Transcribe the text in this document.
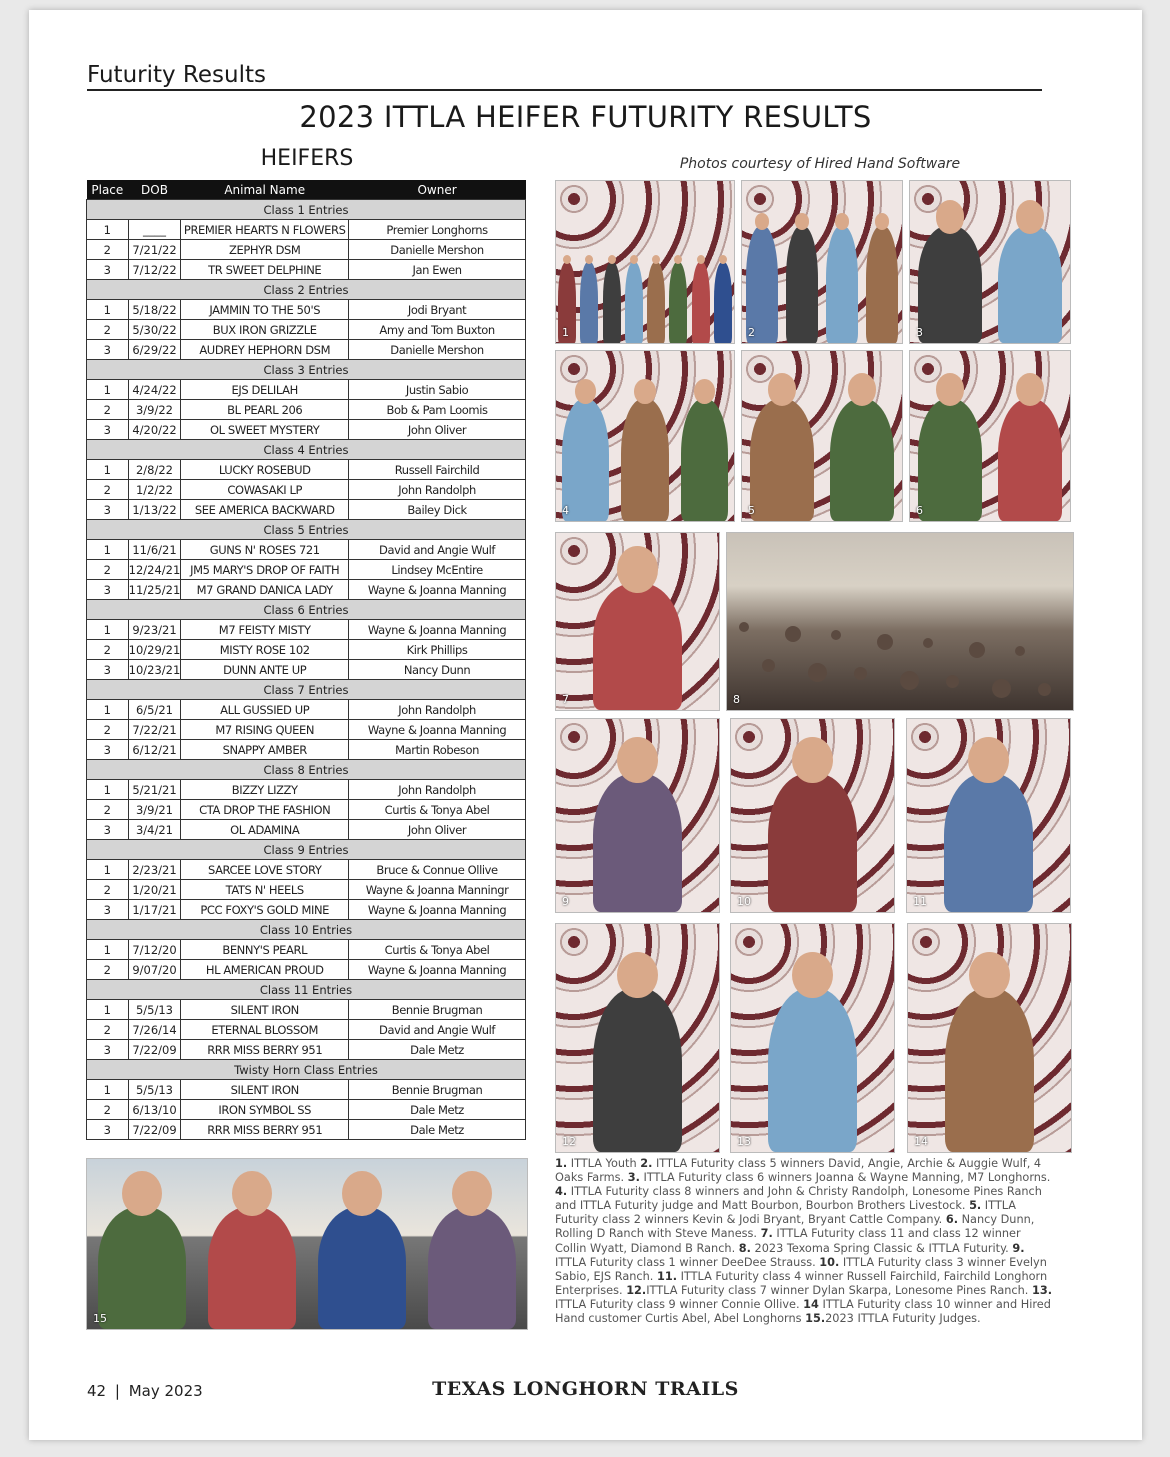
Futurity Results
2023 ITTLA HEIFER FUTURITY RESULTS
HEIFERS	Photos courtesy of Hired Hand Software
Place	DOB	Animal Name	Owner
Class 1 Entries			
1	____	PREMIER HEARTS N FLOWERS	Premier Longhorns
2	7/21/22	ZEPHYR DSM	Danielle Mershon
3	7/12/22	TR SWEET DELPHINE	Jan Ewen
Class 2 Entries			
1	5/18/22	JAMMIN TO THE 50'S	Jodi Bryant
2	5/30/22	BUX IRON GRIZZLE	Amy and Tom Buxton
3	6/29/22	AUDREY HEPHORN DSM	Danielle Mershon
Class 3 Entries			
1	4/24/22	EJS DELILAH	Justin Sabio
2	3/9/22	BL PEARL 206	Bob & Pam Loomis
3	4/20/22	OL SWEET MYSTERY	John Oliver
Class 4 Entries			
1	2/8/22	LUCKY ROSEBUD	Russell Fairchild
2	1/2/22	COWASAKI LP	John Randolph
3	1/13/22	SEE AMERICA BACKWARD	Bailey Dick
Class 5 Entries			
1	11/6/21	GUNS N' ROSES 721	David and Angie Wulf
2	12/24/21	JM5 MARY'S DROP OF FAITH	Lindsey McEntire
3	11/25/21	M7 GRAND DANICA LADY	Wayne & Joanna Manning
Class 6 Entries			
1	9/23/21	M7 FEISTY MISTY	Wayne & Joanna Manning
2	10/29/21	MISTY ROSE 102	Kirk Phillips
3	10/23/21	DUNN ANTE UP	Nancy Dunn
Class 7 Entries			
1	6/5/21	ALL GUSSIED UP	John Randolph
2	7/22/21	M7 RISING QUEEN	Wayne & Joanna Manning
3	6/12/21	SNAPPY AMBER	Martin Robeson
Class 8 Entries			
1	5/21/21	BIZZY LIZZY	John Randolph
2	3/9/21	CTA DROP THE FASHION	Curtis & Tonya Abel
3	3/4/21	OL ADAMINA	John Oliver
Class 9 Entries			
1	2/23/21	SARCEE LOVE STORY	Bruce & Connue Ollive
2	1/20/21	TATS N' HEELS	Wayne & Joanna Manningr
3	1/17/21	PCC FOXY'S GOLD MINE	Wayne & Joanna Manning
Class 10 Entries			
1	7/12/20	BENNY'S PEARL	Curtis & Tonya Abel
2	9/07/20	HL AMERICAN PROUD	Wayne & Joanna Manning
Class 11 Entries			
1	5/5/13	SILENT IRON	Bennie Brugman
2	7/26/14	ETERNAL BLOSSOM	David and Angie Wulf
3	7/22/09	RRR MISS BERRY 951	Dale Metz
Twisty Horn Class Entries			
1	5/5/13	SILENT IRON	Bennie Brugman
2	6/13/10	IRON SYMBOL SS	Dale Metz
3	7/22/09	RRR MISS BERRY 951	Dale Metz
1	2	3
4	5	6
7	8
9	10	11
12	13	14
15
1. ITTLA Youth 2. ITTLA Futurity class 5 winners David, Angie, Archie & Auggie Wulf, 4 Oaks Farms. 3. ITTLA Futurity class 6 winners Joanna & Wayne Manning, M7 Longhorns. 4. ITTLA Futurity class 8 winners and John & Christy Randolph, Lonesome Pines Ranch and ITTLA Futurity judge and Matt Bourbon, Bourbon Brothers Livestock. 5. ITTLA Futurity class 2 winners Kevin & Jodi Bryant, Bryant Cattle Company. 6. Nancy Dunn, Rolling D Ranch with Steve Maness. 7. ITTLA Futurity class 11 and class 12 winner Collin Wyatt, Diamond B Ranch. 8. 2023 Texoma Spring Classic & ITTLA Futurity. 9. ITTLA Futurity class 1 winner DeeDee Strauss. 10. ITTLA Futurity class 3 winner Evelyn Sabio, EJS Ranch. 11. ITTLA Futurity class 4 winner Russell Fairchild, Fairchild Longhorn Enterprises. 12.ITTLA Futurity class 7 winner Dylan Skarpa, Lonesome Pines Ranch. 13. ITTLA Futurity class 9 winner Connie Ollive. 14 ITTLA Futurity class 10 winner and Hired Hand customer Curtis Abel, Abel Longhorns 15.2023 ITTLA Futurity Judges.
42 | May 2023	TEXAS LONGHORN TRAILS
